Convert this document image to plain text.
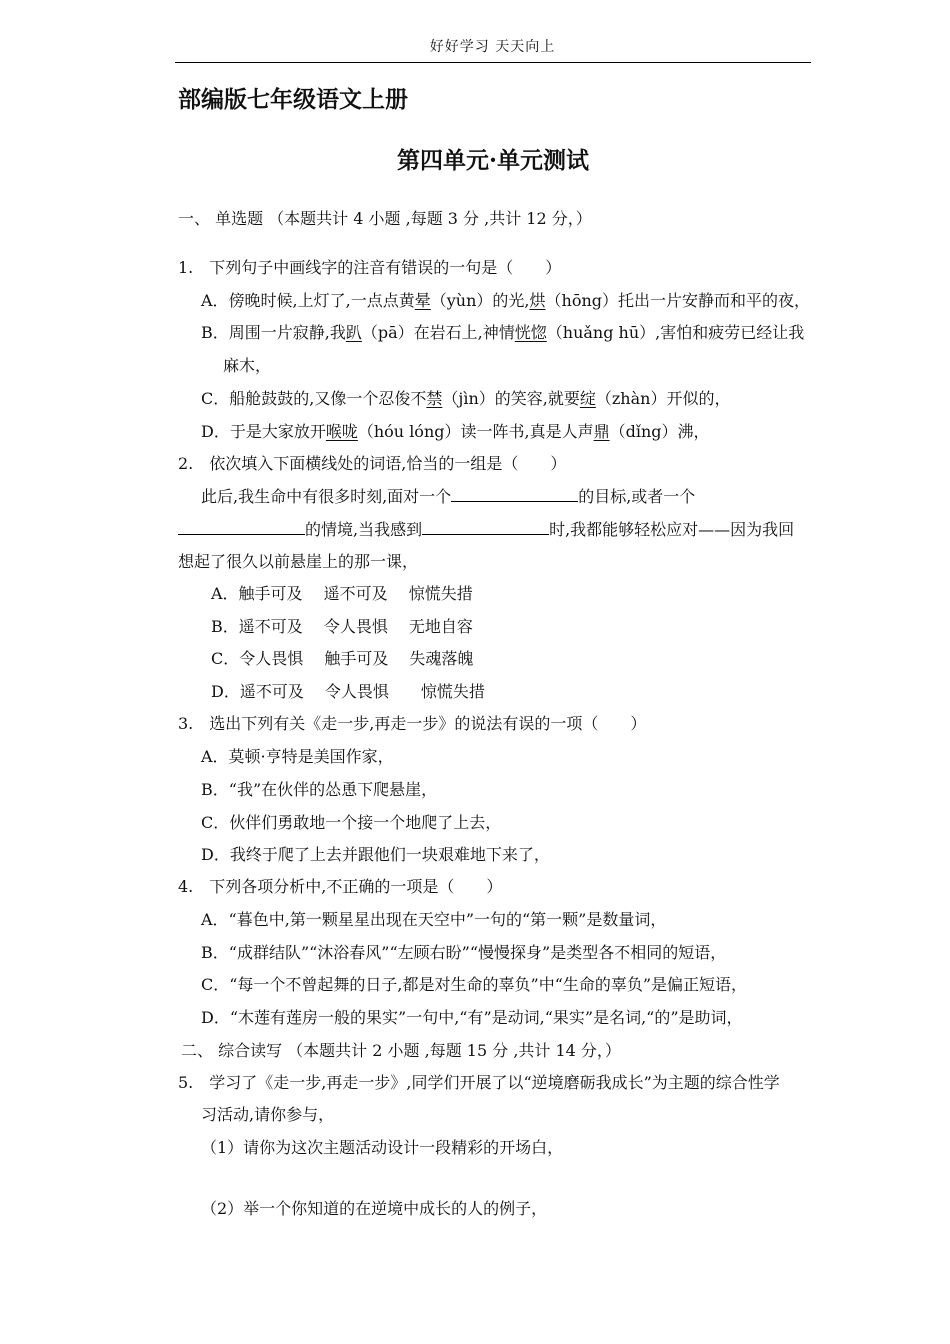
好好学习 天天向上
部编版七年级语文上册
第四单元·单元测试
一、 单选题 （本题共计 4 小题 ,每题 3 分 ,共计 12 分，）
1.　下列句子中画线字的注音有错误的一句是（　　）
A．傍晚时候,上灯了,一点点黄晕（yùn）的光,烘（hōng）托出一片安静而和平的夜，
B．周围一片寂静,我趴（pā）在岩石上,神情恍惚（huǎng hū）,害怕和疲劳已经让我
麻木，
C．船舱鼓鼓的,又像一个忍俊不禁（jìn）的笑容,就要绽（zhàn）开似的，
D．于是大家放开喉咙（hóu lóng）读一阵书,真是人声鼎（dǐng）沸，
2.　依次填入下面横线处的词语,恰当的一组是（　　）
此后,我生命中有很多时刻,面对一个	的目标,或者一个
的情境,当我感到	时,我都能够轻松应对——因为我回
想起了很久以前悬崖上的那一课，
A．触手可及　 遥不可及　 惊慌失措
B．遥不可及　 令人畏惧　 无地自容
C．令人畏惧　 触手可及　 失魂落魄
D．遥不可及 　令人畏惧　　惊慌失措
3.　选出下列有关《走一步,再走一步》的说法有误的一项（　　）
A．莫顿·亨特是美国作家，
B．“我”在伙伴的怂恿下爬悬崖，
C．伙伴们勇敢地一个接一个地爬了上去，
D．我终于爬了上去并跟他们一块艰难地下来了，
4.　下列各项分析中,不正确的一项是（　　）
A．“暮色中,第一颗星星出现在天空中”一句的“第一颗”是数量词，
B．“成群结队”“沐浴春风”“左顾右盼”“慢慢探身”是类型各不相同的短语，
C．“每一个不曾起舞的日子,都是对生命的辜负”中“生命的辜负”是偏正短语，
D．“木莲有莲房一般的果实”一句中,“有”是动词,“果实”是名词,“的”是助词，
二、 综合读写 （本题共计 2 小题 ,每题 15 分 ,共计 14 分，）
5.　学习了《走一步,再走一步》,同学们开展了以“逆境磨砺我成长”为主题的综合性学
习活动,请你参与，
（1）请你为这次主题活动设计一段精彩的开场白，
（2）举一个你知道的在逆境中成长的人的例子，
